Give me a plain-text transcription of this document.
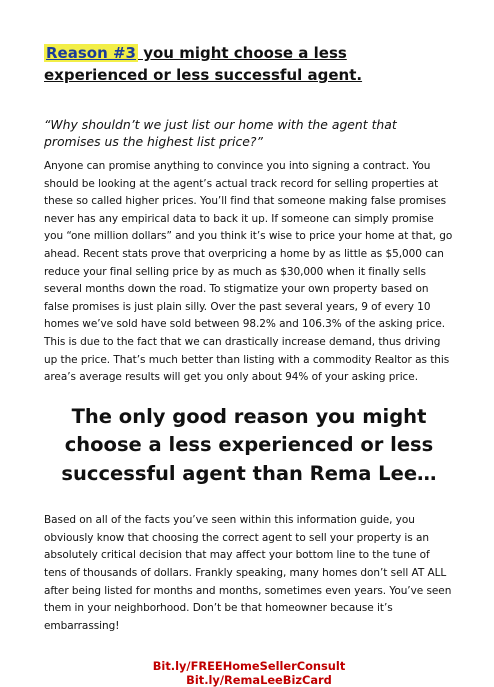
Reason #3 you might choose a less experienced or less successful agent.

“Why shouldn’t we just list our home with the agent that promises us the highest list price?”

Anyone can promise anything to convince you into signing a contract. You should be looking at the agent’s actual track record for selling properties at these so called higher prices. You’ll find that someone making false promises never has any empirical data to back it up. If someone can simply promise you “one million dollars” and you think it’s wise to price your home at that, go ahead. Recent stats prove that overpricing a home by as little as $5,000 can reduce your final selling price by as much as $30,000 when it finally sells several months down the road. To stigmatize your own property based on false promises is just plain silly. Over the past several years, 9 of every 10 homes we’ve sold have sold between 98.2% and 106.3% of the asking price. This is due to the fact that we can drastically increase demand, thus driving up the price. That’s much better than listing with a commodity Realtor as this area’s average results will get you only about 94% of your asking price.

The only good reason you might choose a less experienced or less successful agent than Rema Lee…

Based on all of the facts you’ve seen within this information guide, you obviously know that choosing the correct agent to sell your property is an absolutely critical decision that may affect your bottom line to the tune of tens of thousands of dollars. Frankly speaking, many homes don’t sell AT ALL after being listed for months and months, sometimes even years. You’ve seen them in your neighborhood. Don’t be that homeowner because it’s embarrassing!

Bit.ly/FREEHomeSellerConsult
Bit.ly/RemaLeeBizCard
